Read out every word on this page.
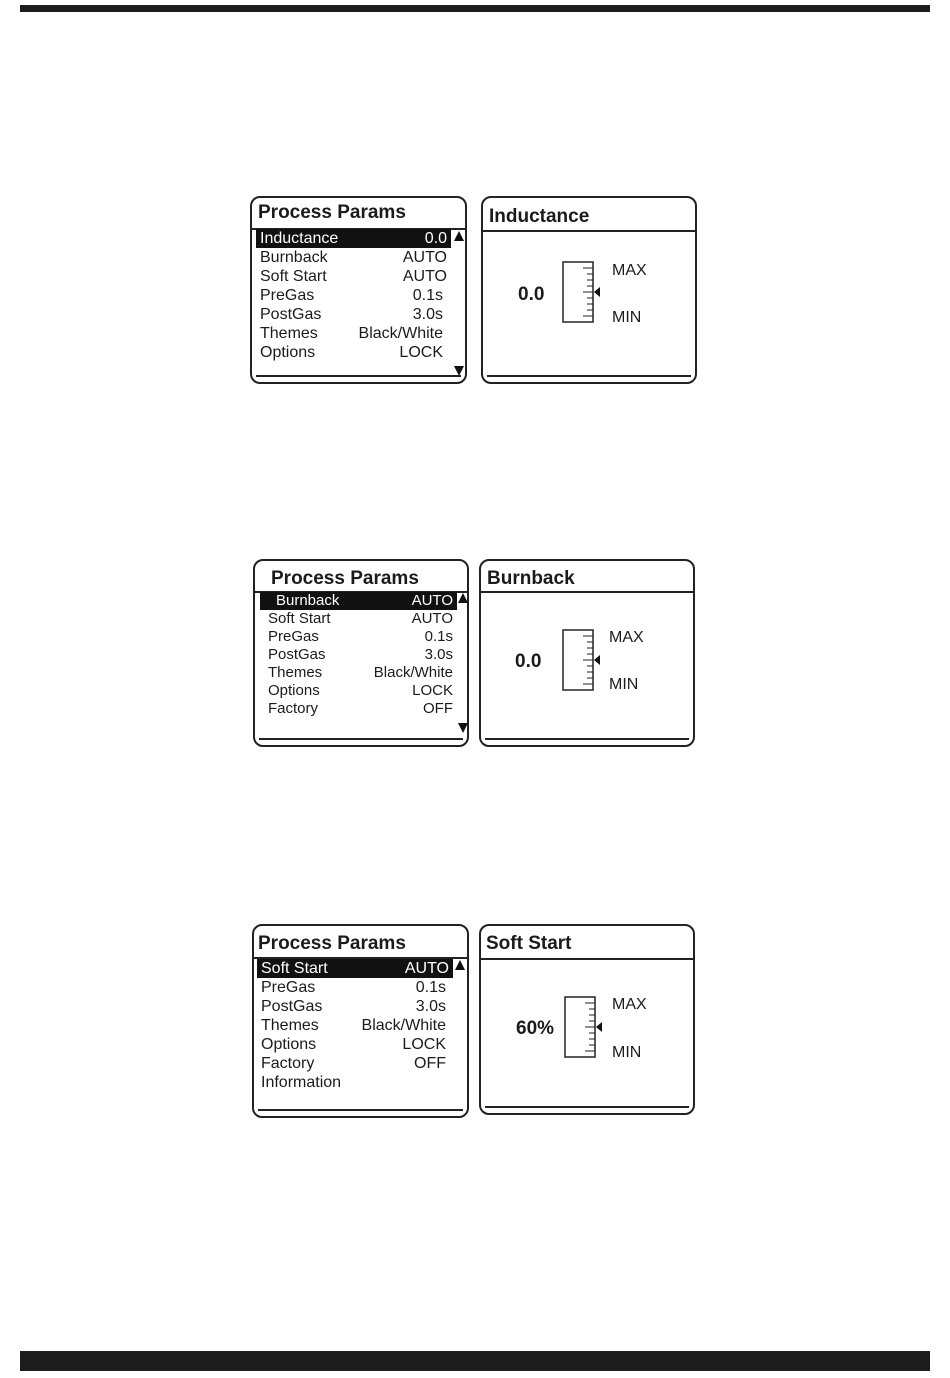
Process Params
Inductance	0.0
Burnback	AUTO
Soft Start	AUTO
PreGas	0.1s
PostGas	3.0s
Themes	Black/White
Options	LOCK
Inductance
0.0
MAX
MIN
Process Params
Burnback	AUTO
Soft Start	AUTO
PreGas	0.1s
PostGas	3.0s
Themes	Black/White
Options	LOCK
Factory	OFF
Burnback
0.0
MAX
MIN
Process Params
Soft Start	AUTO
PreGas	0.1s
PostGas	3.0s
Themes	Black/White
Options	LOCK
Factory	OFF
Information
Soft Start
60%
MAX
MIN
